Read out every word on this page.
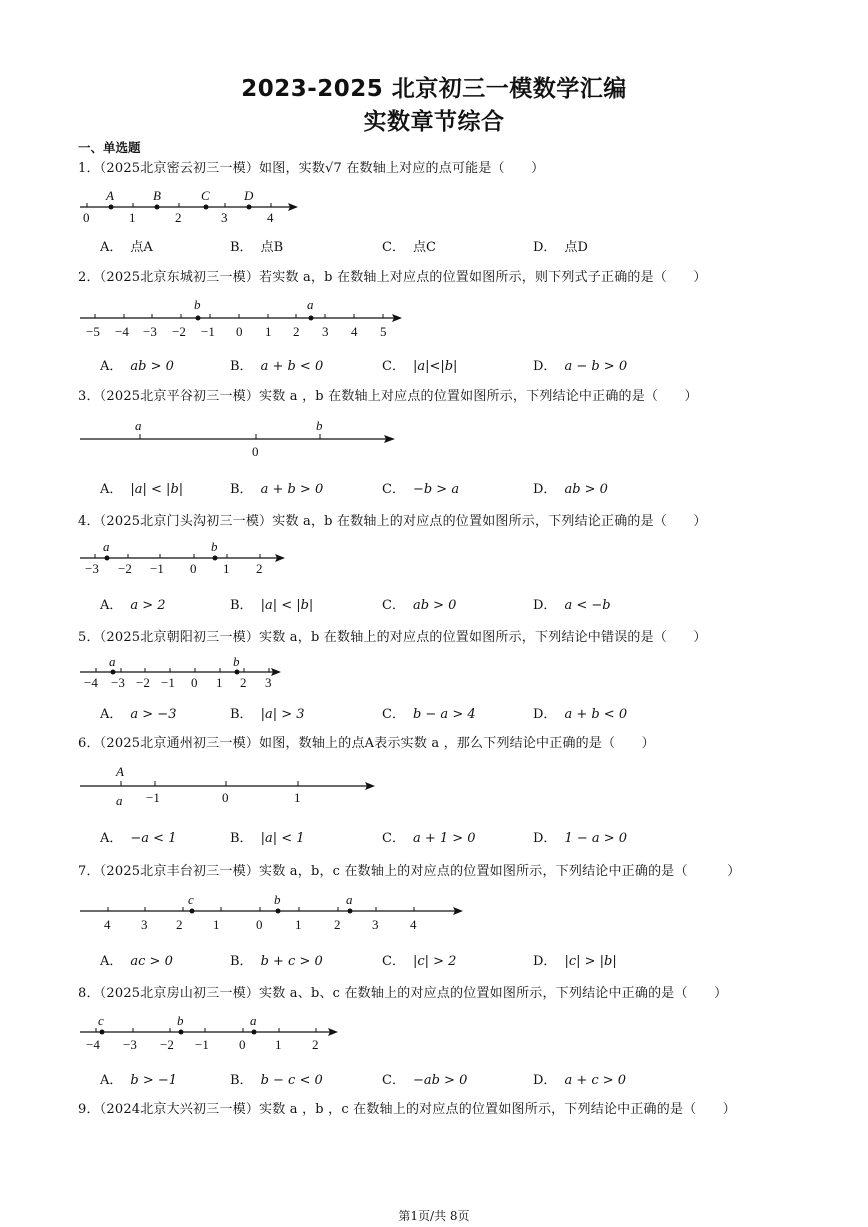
2023-2025 北京初三一模数学汇编
实数章节综合
一、单选题
1．（2025北京密云初三一模）如图，实数√7 在数轴上对应的点可能是（　　）
A	B	C	D
0	1	2	3	4
A． 点A	B． 点B	C． 点C	D． 点D
2．（2025北京东城初三一模）若实数 a，b 在数轴上对应点的位置如图所示，则下列式子正确的是（　　）
b	a
−5 −4 −3 −2 −1 0 1 2 3 4 5
A． ab > 0	B． a + b < 0	C． |a|<|b|	D． a − b > 0
3．（2025北京平谷初三一模）实数 a ，b 在数轴上对应点的位置如图所示，下列结论中正确的是（　　）
a	b
0
A． |a| < |b|	B． a + b > 0	C． −b > a	D． ab > 0
4．（2025北京门头沟初三一模）实数 a，b 在数轴上的对应点的位置如图所示，下列结论正确的是（　　）
a	b
−3 −2 −1 0 1 2
A． a > 2	B． |a| < |b|	C． ab > 0	D． a < −b
5．（2025北京朝阳初三一模）实数 a，b 在数轴上的对应点的位置如图所示，下列结论中错误的是（　　）
a	b
−4 −3 −2 −1 0 1 2 3
A． a > −3	B． |a| > 3	C． b − a > 4	D． a + b < 0
6．（2025北京通州初三一模）如图，数轴上的点A表示实数 a ，那么下列结论中正确的是（　　）
A
a −1	0	1
A． −a < 1	B． |a| < 1	C． a + 1 > 0	D． 1 − a > 0
7．（2025北京丰台初三一模）实数 a，b，c 在数轴上的对应点的位置如图所示，下列结论中正确的是（　　　）
c	b	a
4 3 2 1	0	1	2 3 4
A． ac > 0	B． b + c > 0	C． |c| > 2	D． |c| > |b|
8．（2025北京房山初三一模）实数 a、b、c 在数轴上的对应点的位置如图所示，下列结论中正确的是（　　）
c	b	a
−4 −3 −2 −1 0 1 2
A． b > −1	B． b − c < 0	C． −ab > 0	D． a + c > 0
9．（2024北京大兴初三一模）实数 a ，b ，c 在数轴上的对应点的位置如图所示，下列结论中正确的是（　　）
第1页/共 8页
